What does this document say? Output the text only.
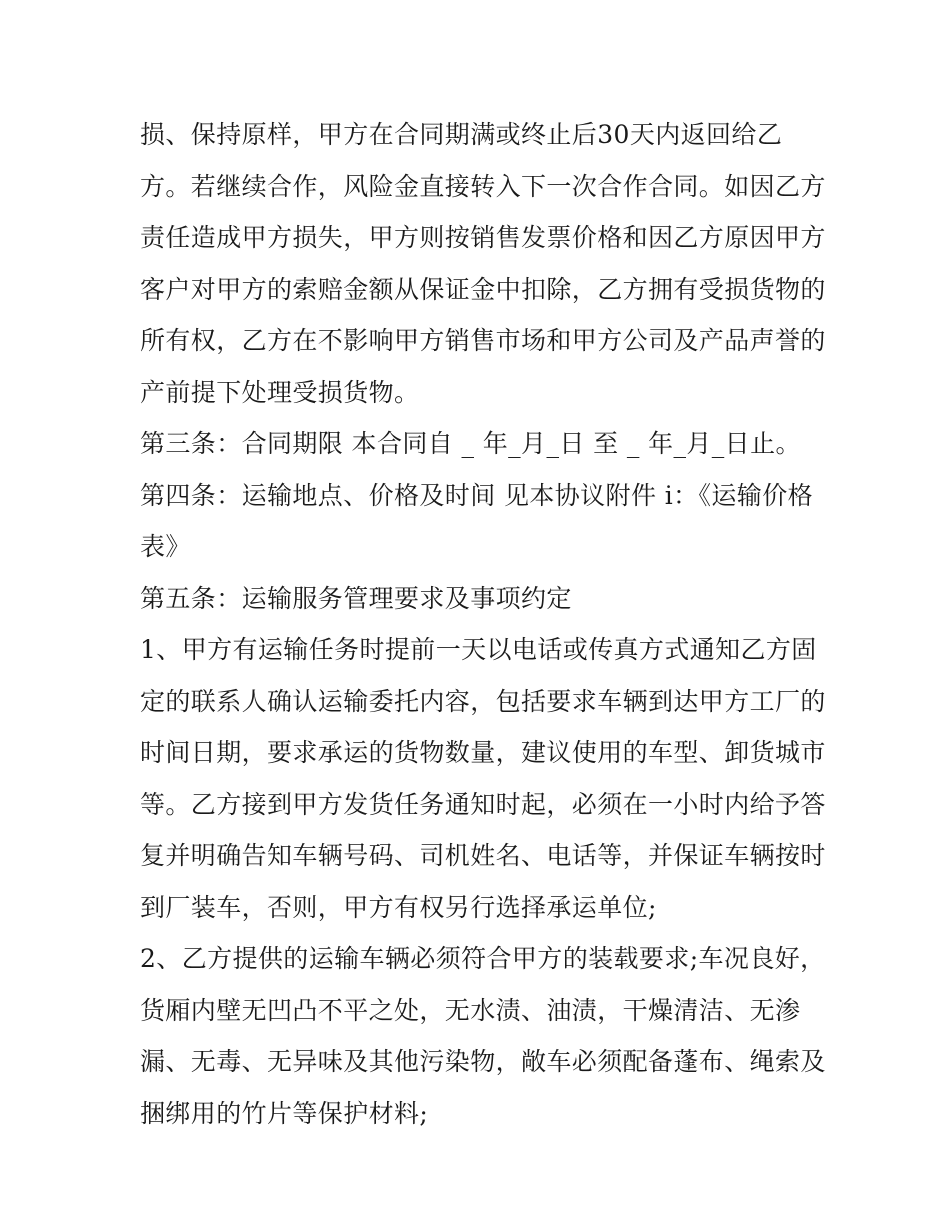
损、保持原样，甲方在合同期满或终止后30天内返回给乙
方。若继续合作，风险金直接转入下一次合作合同。如因乙方
责任造成甲方损失，甲方则按销售发票价格和因乙方原因甲方
客户对甲方的索赔金额从保证金中扣除，乙方拥有受损货物的
所有权，乙方在不影响甲方销售市场和甲方公司及产品声誉的
产前提下处理受损货物。
第三条：合同期限 本合同自 _ 年_月_日 至 _ 年_月_日止。
第四条：运输地点、价格及时间 见本协议附件 i：《运输价格
表》
第五条：运输服务管理要求及事项约定
1、甲方有运输任务时提前一天以电话或传真方式通知乙方固
定的联系人确认运输委托内容，包括要求车辆到达甲方工厂的
时间日期，要求承运的货物数量，建议使用的车型、卸货城市
等。乙方接到甲方发货任务通知时起，必须在一小时内给予答
复并明确告知车辆号码、司机姓名、电话等，并保证车辆按时
到厂装车，否则，甲方有权另行选择承运单位;
2、乙方提供的运输车辆必须符合甲方的装载要求;车况良好，
货厢内壁无凹凸不平之处，无水渍、油渍，干燥清洁、无渗
漏、无毒、无异味及其他污染物，敞车必须配备蓬布、绳索及
捆绑用的竹片等保护材料;
